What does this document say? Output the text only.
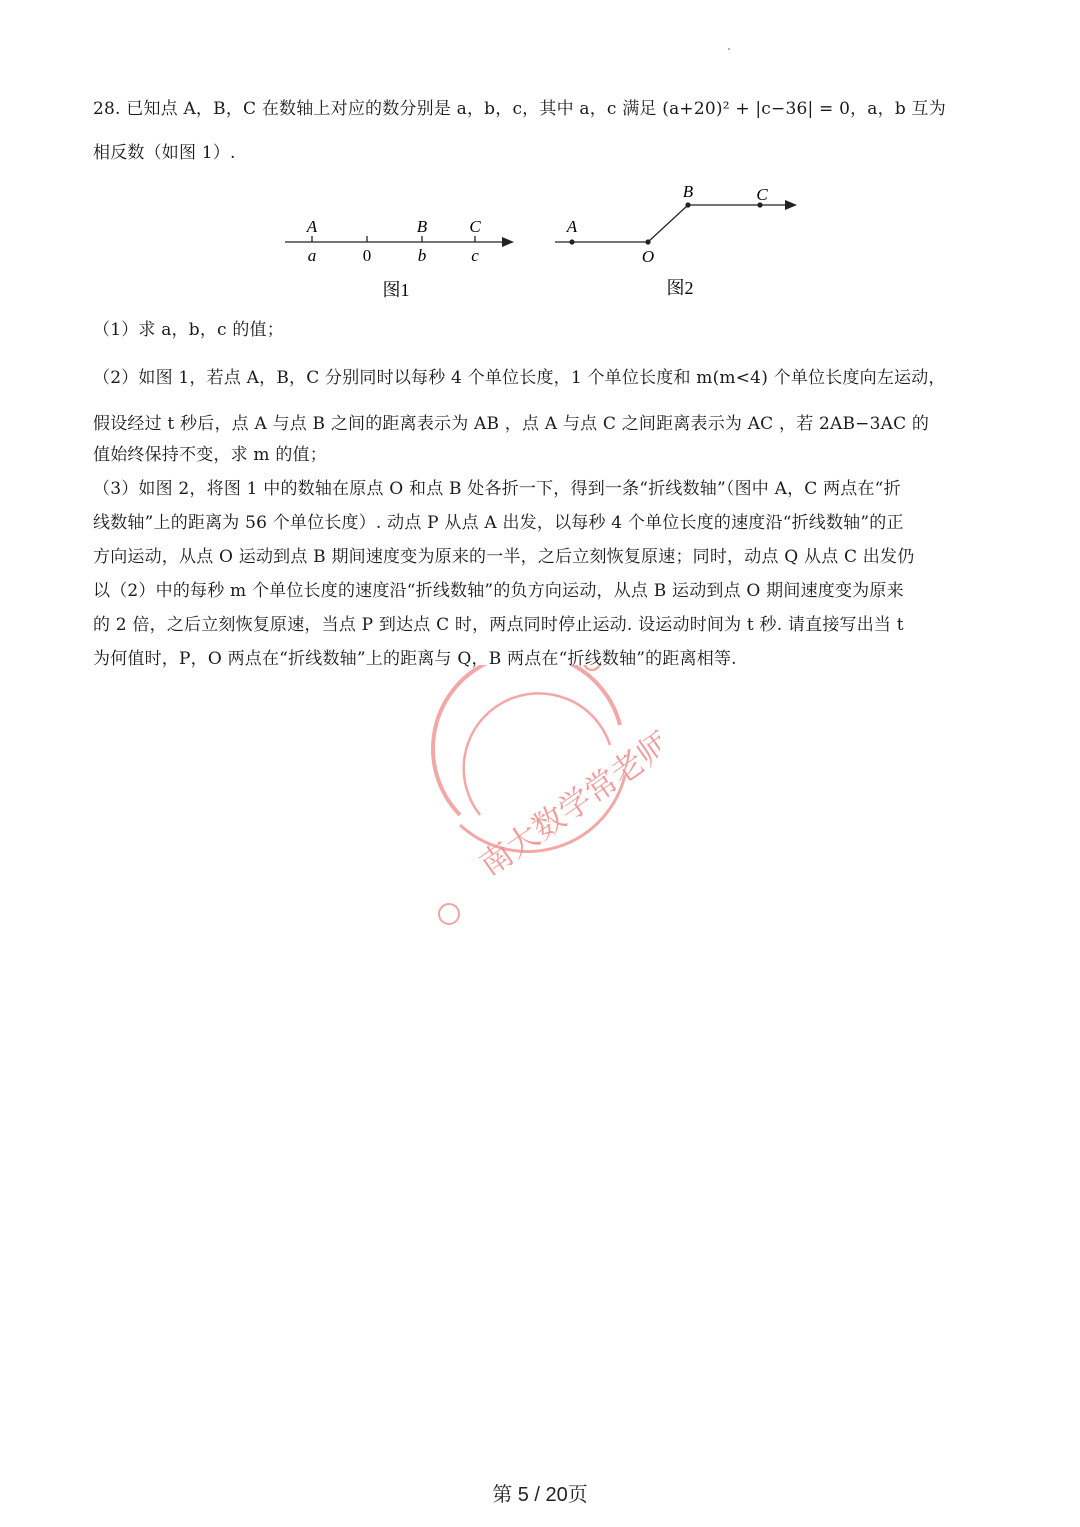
28. 已知点 A，B，C 在数轴上对应的数分别是 a，b，c，其中 a，c 满足 (a+20)² + |c−36| = 0，a，b 互为
相反数（如图 1）.
A	B C
a	0	b	c
图1
A
O
B	C
图2
（1）求 a，b，c 的值；
（2）如图 1，若点 A，B，C 分别同时以每秒 4 个单位长度，1 个单位长度和 m(m<4) 个单位长度向左运动，
假设经过 t 秒后，点 A 与点 B 之间的距离表示为 AB ，点 A 与点 C 之间距离表示为 AC ，若 2AB−3AC 的
值始终保持不变，求 m 的值；
（3）如图 2，将图 1 中的数轴在原点 O 和点 B 处各折一下，得到一条“折线数轴”（图中 A，C 两点在“折
线数轴”上的距离为 56 个单位长度）. 动点 P 从点 A 出发，以每秒 4 个单位长度的速度沿“折线数轴”的正
方向运动，从点 O 运动到点 B 期间速度变为原来的一半，之后立刻恢复原速；同时，动点 Q 从点 C 出发仍
以（2）中的每秒 m 个单位长度的速度沿“折线数轴”的负方向运动，从点 B 运动到点 O 期间速度变为原来
的 2 倍，之后立刻恢复原速，当点 P 到达点 C 时，两点同时停止运动. 设运动时间为 t 秒. 请直接写出当 t
为何值时，P，O 两点在“折线数轴”上的距离与 Q，B 两点在“折线数轴”的距离相等.
南大数学常老师
第 5 / 20页
